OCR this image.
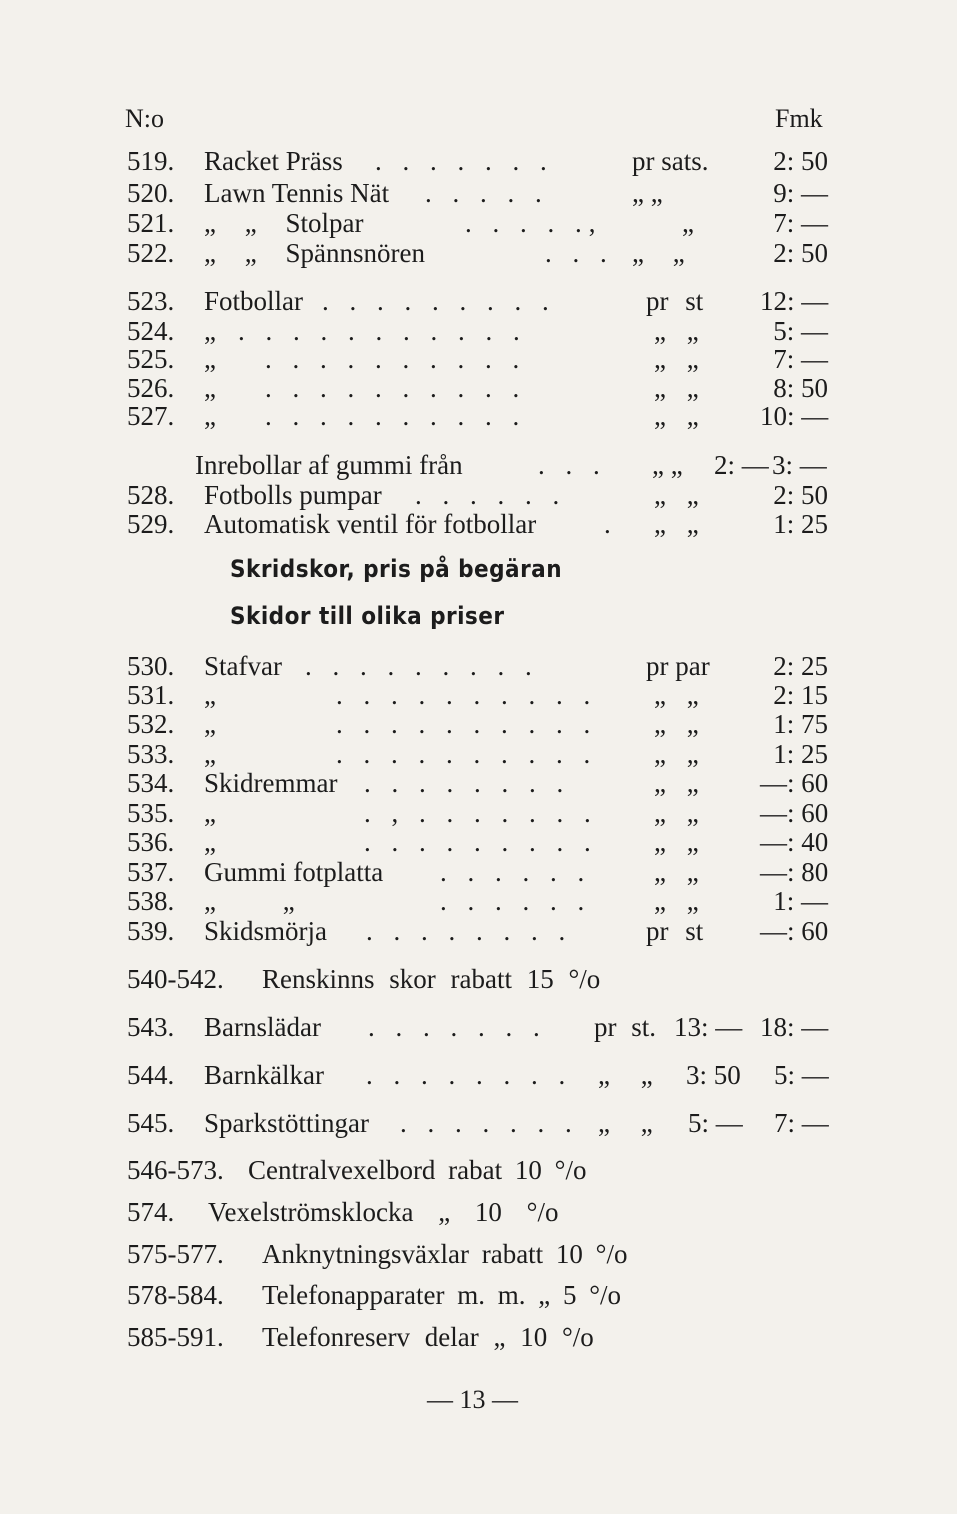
N:o	Fmk
519. Racket Präss . . . . . . .	pr sats.	2: 50
520. Lawn Tennis Nät . . . . .	„ „	9: —
521. „ „ Stolpar	. . . . .,	„	7: —
522. „ „ Spännsnören	. . . „ „	2: 50
523. Fotbollar . . . . . . . . .	pr st 12: —
524. „ . . . . . . . . . . .	„ „	5: —
525. „ . . . . . . . . . .	„ „	7: —
526. „ . . . . . . . . . .	„ „	8: 50
527. „ . . . . . . . . . .	„ „ 10: —
Inrebollar af gummi från	. . . „ „ 2: — 3: —
528. Fotbolls pumpar . . . . . .	„ „	2: 50
529. Automatisk ventil för fotbollar	. „ „	1: 25
Skridskor, pris på begäran
Skidor till olika priser
530. Stafvar . . . . . . . . .	pr par	2: 25
531. „	. . . . . . . . . . „ „	2: 15
532. „	. . . . . . . . . . „ „	1: 75
533. „	. . . . . . . . . . „ „	1: 25
534. Skidremmar . . . . . . . .	„ „ —: 60
535. „	. , . . . . . . . „ „ —: 60
536. „	. . . . . . . . . „ „ —: 40
537. Gummi fotplatta . . . . . . „ „ —: 80
538. „ „	. . . . . . „ „	1: —
539. Skidsmörja . . . . . . . .	pr st —: 60
540-542. Renskinns skor rabatt 15 °/o
543. Barnslädar . . . . . . . pr st. 13: — 18: —
544. Barnkälkar . . . . . . . . „ „ 3: 50 5: —
545. Sparkstöttingar . . . . . . . „ „ 5: — 7: —
546-573. Centralvexelbord rabat 10 °/o
574. Vexelströmsklocka „ 10 °/o
575-577. Anknytningsväxlar rabatt 10 °/o
578-584. Telefonapparater m. m. „ 5 °/o
585-591. Telefonreserv delar „ 10 °/o
— 13 —
